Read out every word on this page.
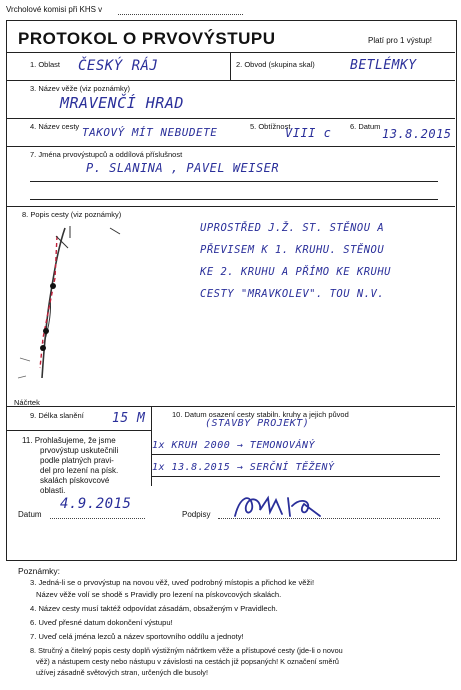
Vrcholové komisi při KHS v
PROTOKOL O PRVOVÝSTUPU	Platí pro 1 výstup!
1. Oblast ČESKÝ RÁJ	2. Obvod (skupina skal)	BETLÉMKY
3. Název věže (viz poznámky)
MRAVENČÍ HRAD
4. Název cesty TAKOVÝ MÍT NEBUDETE	5. Obtížnost
VIII c 6. Datum
13.8.2015
7. Jména prvovýstupců a oddílová příslušnost
P. SLANINA , PAVEL WEISER
8. Popis cesty (viz poznámky)
UPROSTŘED J.Ž. ST. STĚNOU A
PŘEVISEM K 1. KRUHU. STĚNOU
KE 2. KRUHU A PŘÍMO KE KRUHU
CESTY "MRAVKOLEV". TOU N.V.
Náčrtek
9. Délka slanění 15 M	10. Datum osazení cesty stabiln. kruhy a jejich původ
(STAVBY PROJEKT)
1x KRUH 2000 → TEMONOVÁNÝ
1x 13.8.2015 → SERČNÍ TĚŽENÝ
11. Prohlašujeme, že jsme
prvovýstup uskutečnili
podle platných pravi-
del pro lezení na písk.
skalách pískovcové
oblasti.
Datum
4.9.2015
Podpisy
Poznámky:
3. Jedná-li se o prvovýstup na novou věž, uveď podrobný místopis a přichod ke věži!
Název věže volí se shodě s Pravidly pro lezení na pískovcových skalách.
4. Název cesty musí taktéž odpovídat zásadám, obsaženým v Pravidlech.
6. Uveď přesné datum dokončení výstupu!
7. Uveď celá jména lezců a název sportovního oddílu a jednoty!
8. Stručný a čitelný popis cesty doplň výstižným náčrtkem věže a přístupové cesty (jde-li o novou
věž) a nástupem cesty nebo nástupu v závislosti na cestách již popsaných! K označení směrů
užívej zásadně světových stran, určených dle busoly!
